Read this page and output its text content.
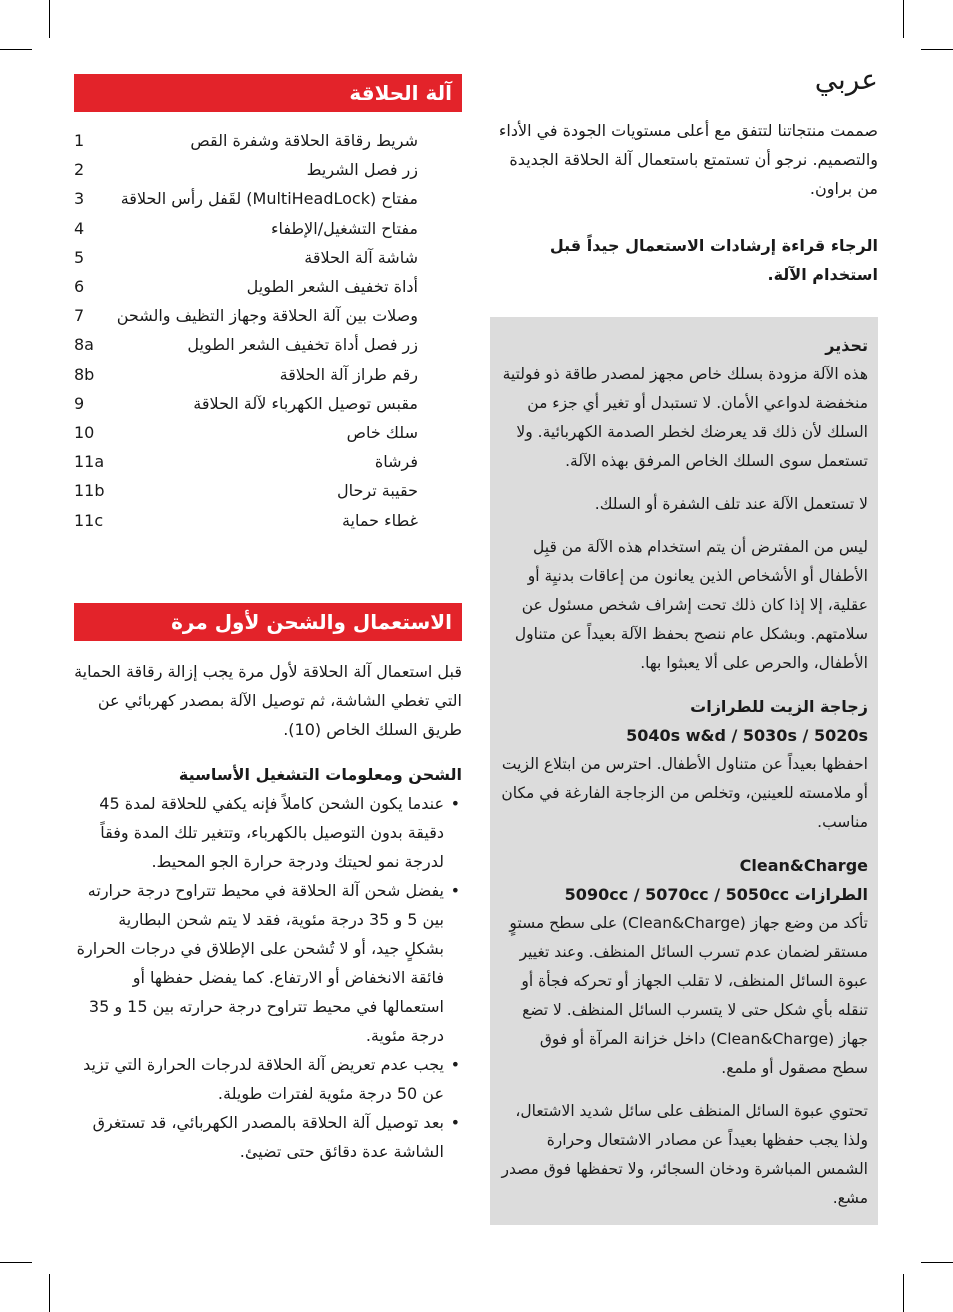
آلة الحلاقة
شريط رقاقة الحلاقة وشفرة القص
1
زر فصل الشريط
2
مفتاح (MultiHeadLock) لقَفل رأس الحلاقة
3
مفتاح التشغيل/الإطفاء
4
شاشة آلة الحلاقة
5
أداة تخفيف الشعر الطويل
6
وصلات بين آلة الحلاقة وجهاز التظيف والشحن
7
زر فصل أداة تخفيف الشعر الطويل
8a
رقم طراز آلة الحلاقة
8b
مقبس توصيل الكهرباء لآلة الحلاقة
9
سلك خاص
10
فرشاة
11a
حقيبة ترحال
11b
غطاء حماية
11c
الاستعمال والشحن لأول مرة

قبل استعمال آلة الحلاقة لأول مرة يجب إزالة رقاقة الحماية التي تغطي الشاشة، ثم توصيل الآلة بمصدر كهربائي عن طريق السلك الخاص (10).

الشحن ومعلومات التشغيل الأساسية
• عندما يكون الشحن كاملاً فإنه يكفي للحلاقة لمدة 45 دقيقة بدون التوصيل بالكهرباء، وتتغير تلك المدة وفقاً لدرجة نمو لحيتك ودرجة حرارة الجو المحيط.
• يفضل شحن آلة الحلاقة في محيط تتراوح درجة حرارته بين 5 و 35 درجة مئوية، فقد لا يتم شحن البطارية بشكلٍ جيد، أو لا تُشحن على الإطلاق في درجات الحرارة فائقة الانخفاض أو الارتفاع. كما يفضل حفظها أو استعمالها في محيط تتراوح درجة حرارته بين 15 و 35 درجة مئوية.
• يجب عدم تعريض آلة الحلاقة لدرجات الحرارة التي تزيد عن 50 درجة مئوية لفترات طويلة.
• بعد توصيل آلة الحلاقة بالمصدر الكهربائي، قد تستغرق الشاشة عدة دقائق حتى تضيئ.
عربي

صممت منتجاتنا لتتفق مع أعلى مستويات الجودة في الأداء والتصميم. نرجو أن تستمتع باستعمال آلة الحلاقة الجديدة من براون.

الرجاء قراءة إرشادات الاستعمال جيداً قبل استخدام الآلة.

تحذير

هذه الآلة مزودة بسلك خاص مجهز لمصدر طاقة ذو فولتية منخفضة لدواعي الأمان. لا تستبدل أو تغير أي جزء من السلك لأن ذلك قد يعرضك لخطر الصدمة الكهربائية. ولا تستعمل سوى السلك الخاص المرفق بهذه الآلة.

لا تستعمل الآلة عند تلف الشفرة أو السلك.

ليس من المفترض أن يتم استخدام هذه الآلة من قبِل الأطفال أو الأشخاص الذين يعانون من إعاقات بدنيِة أو عقلية، إلا إذا كان ذلك تحت إشراف شخص مسئول عن سلامتهم. وبشكل عام ننصح بحفظ الآلة بعيداً عن متناول الأطفال، والحرص على ألا يعبثوا بها.

زجاجة الزيت للطرازات
5040s w&d / 5030s / 5020s

احفظها بعيداً عن متناول الأطفال. احترس من ابتلاع الزيت أو ملامسته للعينين، وتخلص من الزجاجة الفارغة في مكان مناسب.

Clean&Charge
الطرازات 5090cc / 5070cc / 5050cc

تأكد من وضع جهاز (Clean&Charge) على سطح مستوٍ مستقر لضمان عدم تسرب السائل المنظف. وعند تغيير عبوة السائل المنظف، لا تقلب الجهاز أو تحركه فجأة أو تنقله بأي شكل حتى لا يتسرب السائل المنظف. لا تضع جهاز (Clean&Charge) داخل خزانة المرآة أو فوق سطح مصقول أو ملمع.

تحتوي عبوة السائل المنظف على سائل شديد الاشتعال، ولذا يجب حفظها بعيداً عن مصادر الاشتعال وحرارة الشمس المباشرة ودخان السجائر، ولا تحفظها فوق مصدر مشع.
